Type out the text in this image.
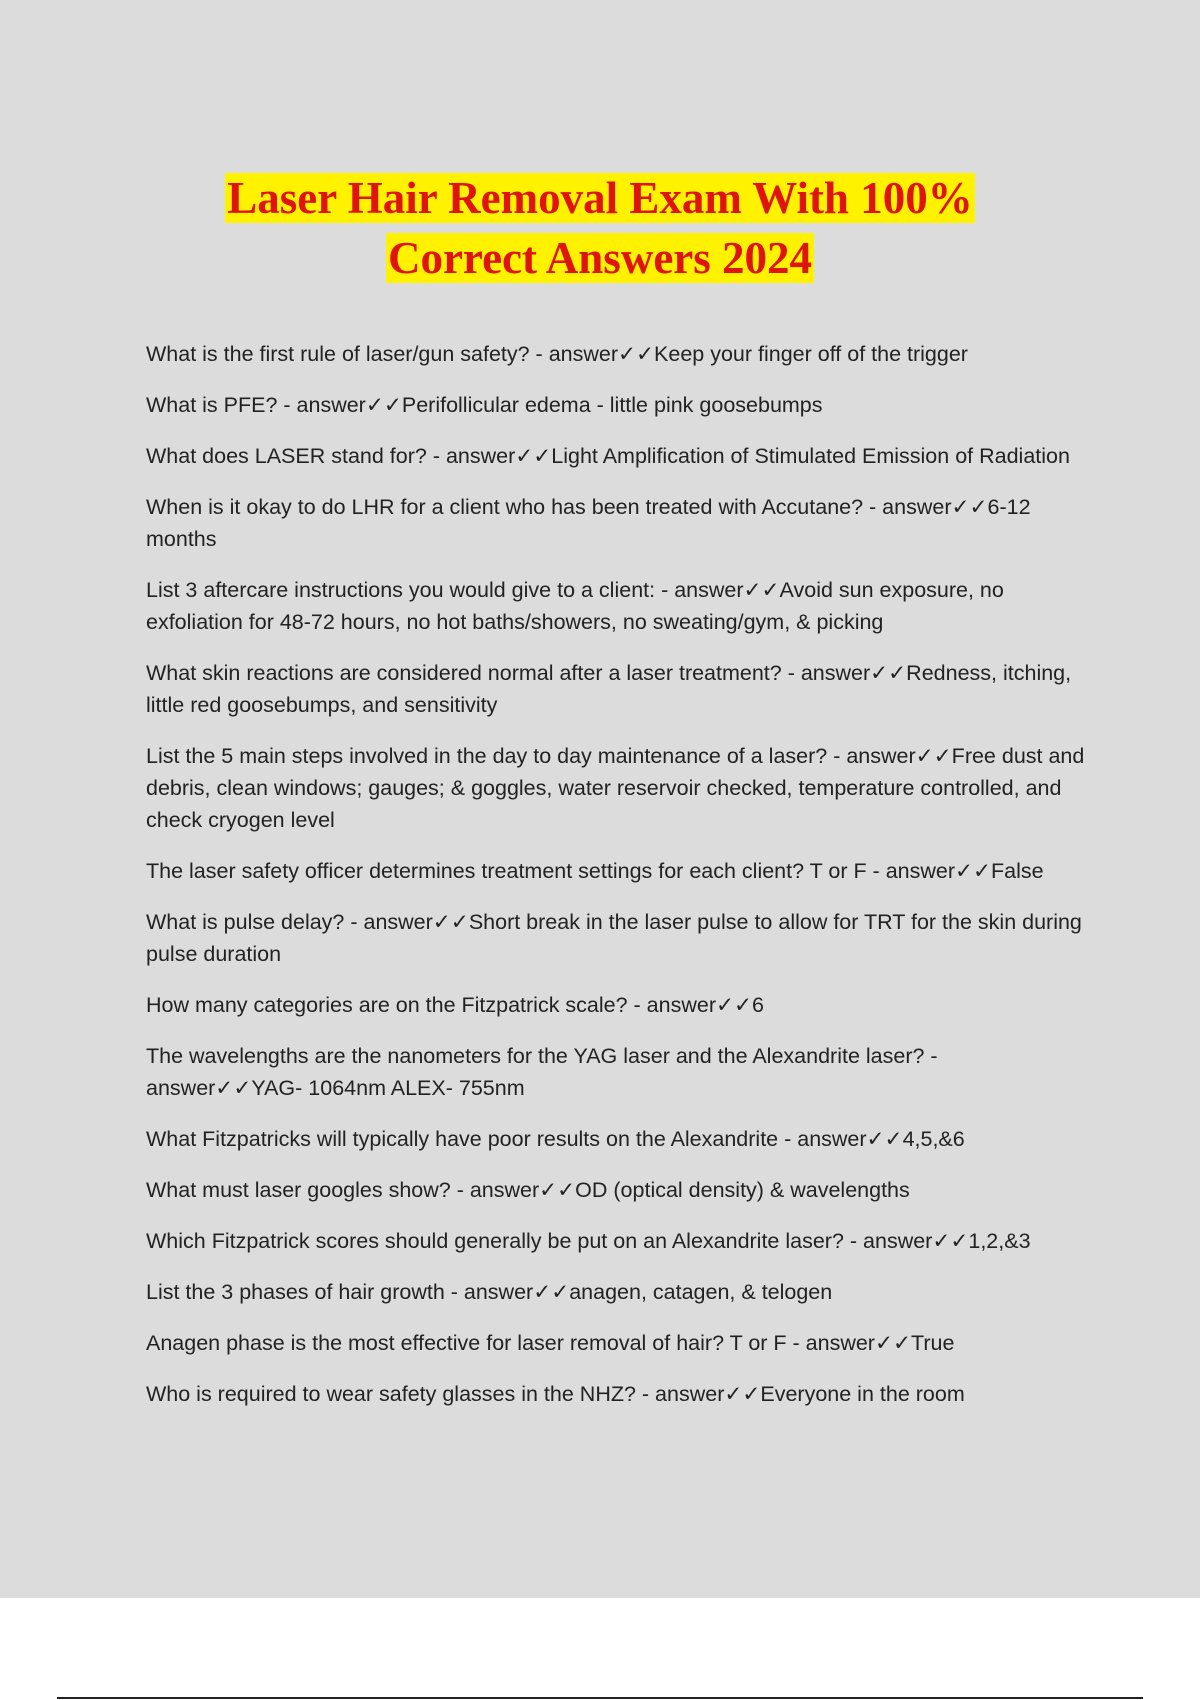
Laser Hair Removal Exam With 100%
Correct Answers 2024
What is the first rule of laser/gun safety? - answer✓✓Keep your finger off of the trigger
What is PFE? - answer✓✓Perifollicular edema - little pink goosebumps
What does LASER stand for? - answer✓✓Light Amplification of Stimulated Emission of Radiation
When is it okay to do LHR for a client who has been treated with Accutane? - answer✓✓6-12 months
List 3 aftercare instructions you would give to a client: - answer✓✓Avoid sun exposure, no exfoliation for 48-72 hours, no hot baths/showers, no sweating/gym, & picking
What skin reactions are considered normal after a laser treatment? - answer✓✓Redness, itching, little red goosebumps, and sensitivity
List the 5 main steps involved in the day to day maintenance of a laser? - answer✓✓Free dust and debris, clean windows; gauges; & goggles, water reservoir checked, temperature controlled, and check cryogen level
The laser safety officer determines treatment settings for each client? T or F - answer✓✓False
What is pulse delay? - answer✓✓Short break in the laser pulse to allow for TRT for the skin during pulse duration
How many categories are on the Fitzpatrick scale? - answer✓✓6
The wavelengths are the nanometers for the YAG laser and the Alexandrite laser? - answer✓✓YAG- 1064nm ALEX- 755nm
What Fitzpatricks will typically have poor results on the Alexandrite - answer✓✓4,5,&6
What must laser googles show? - answer✓✓OD (optical density) & wavelengths
Which Fitzpatrick scores should generally be put on an Alexandrite laser? - answer✓✓1,2,&3
List the 3 phases of hair growth - answer✓✓anagen, catagen, & telogen
Anagen phase is the most effective for laser removal of hair? T or F - answer✓✓True
Who is required to wear safety glasses in the NHZ? - answer✓✓Everyone in the room
